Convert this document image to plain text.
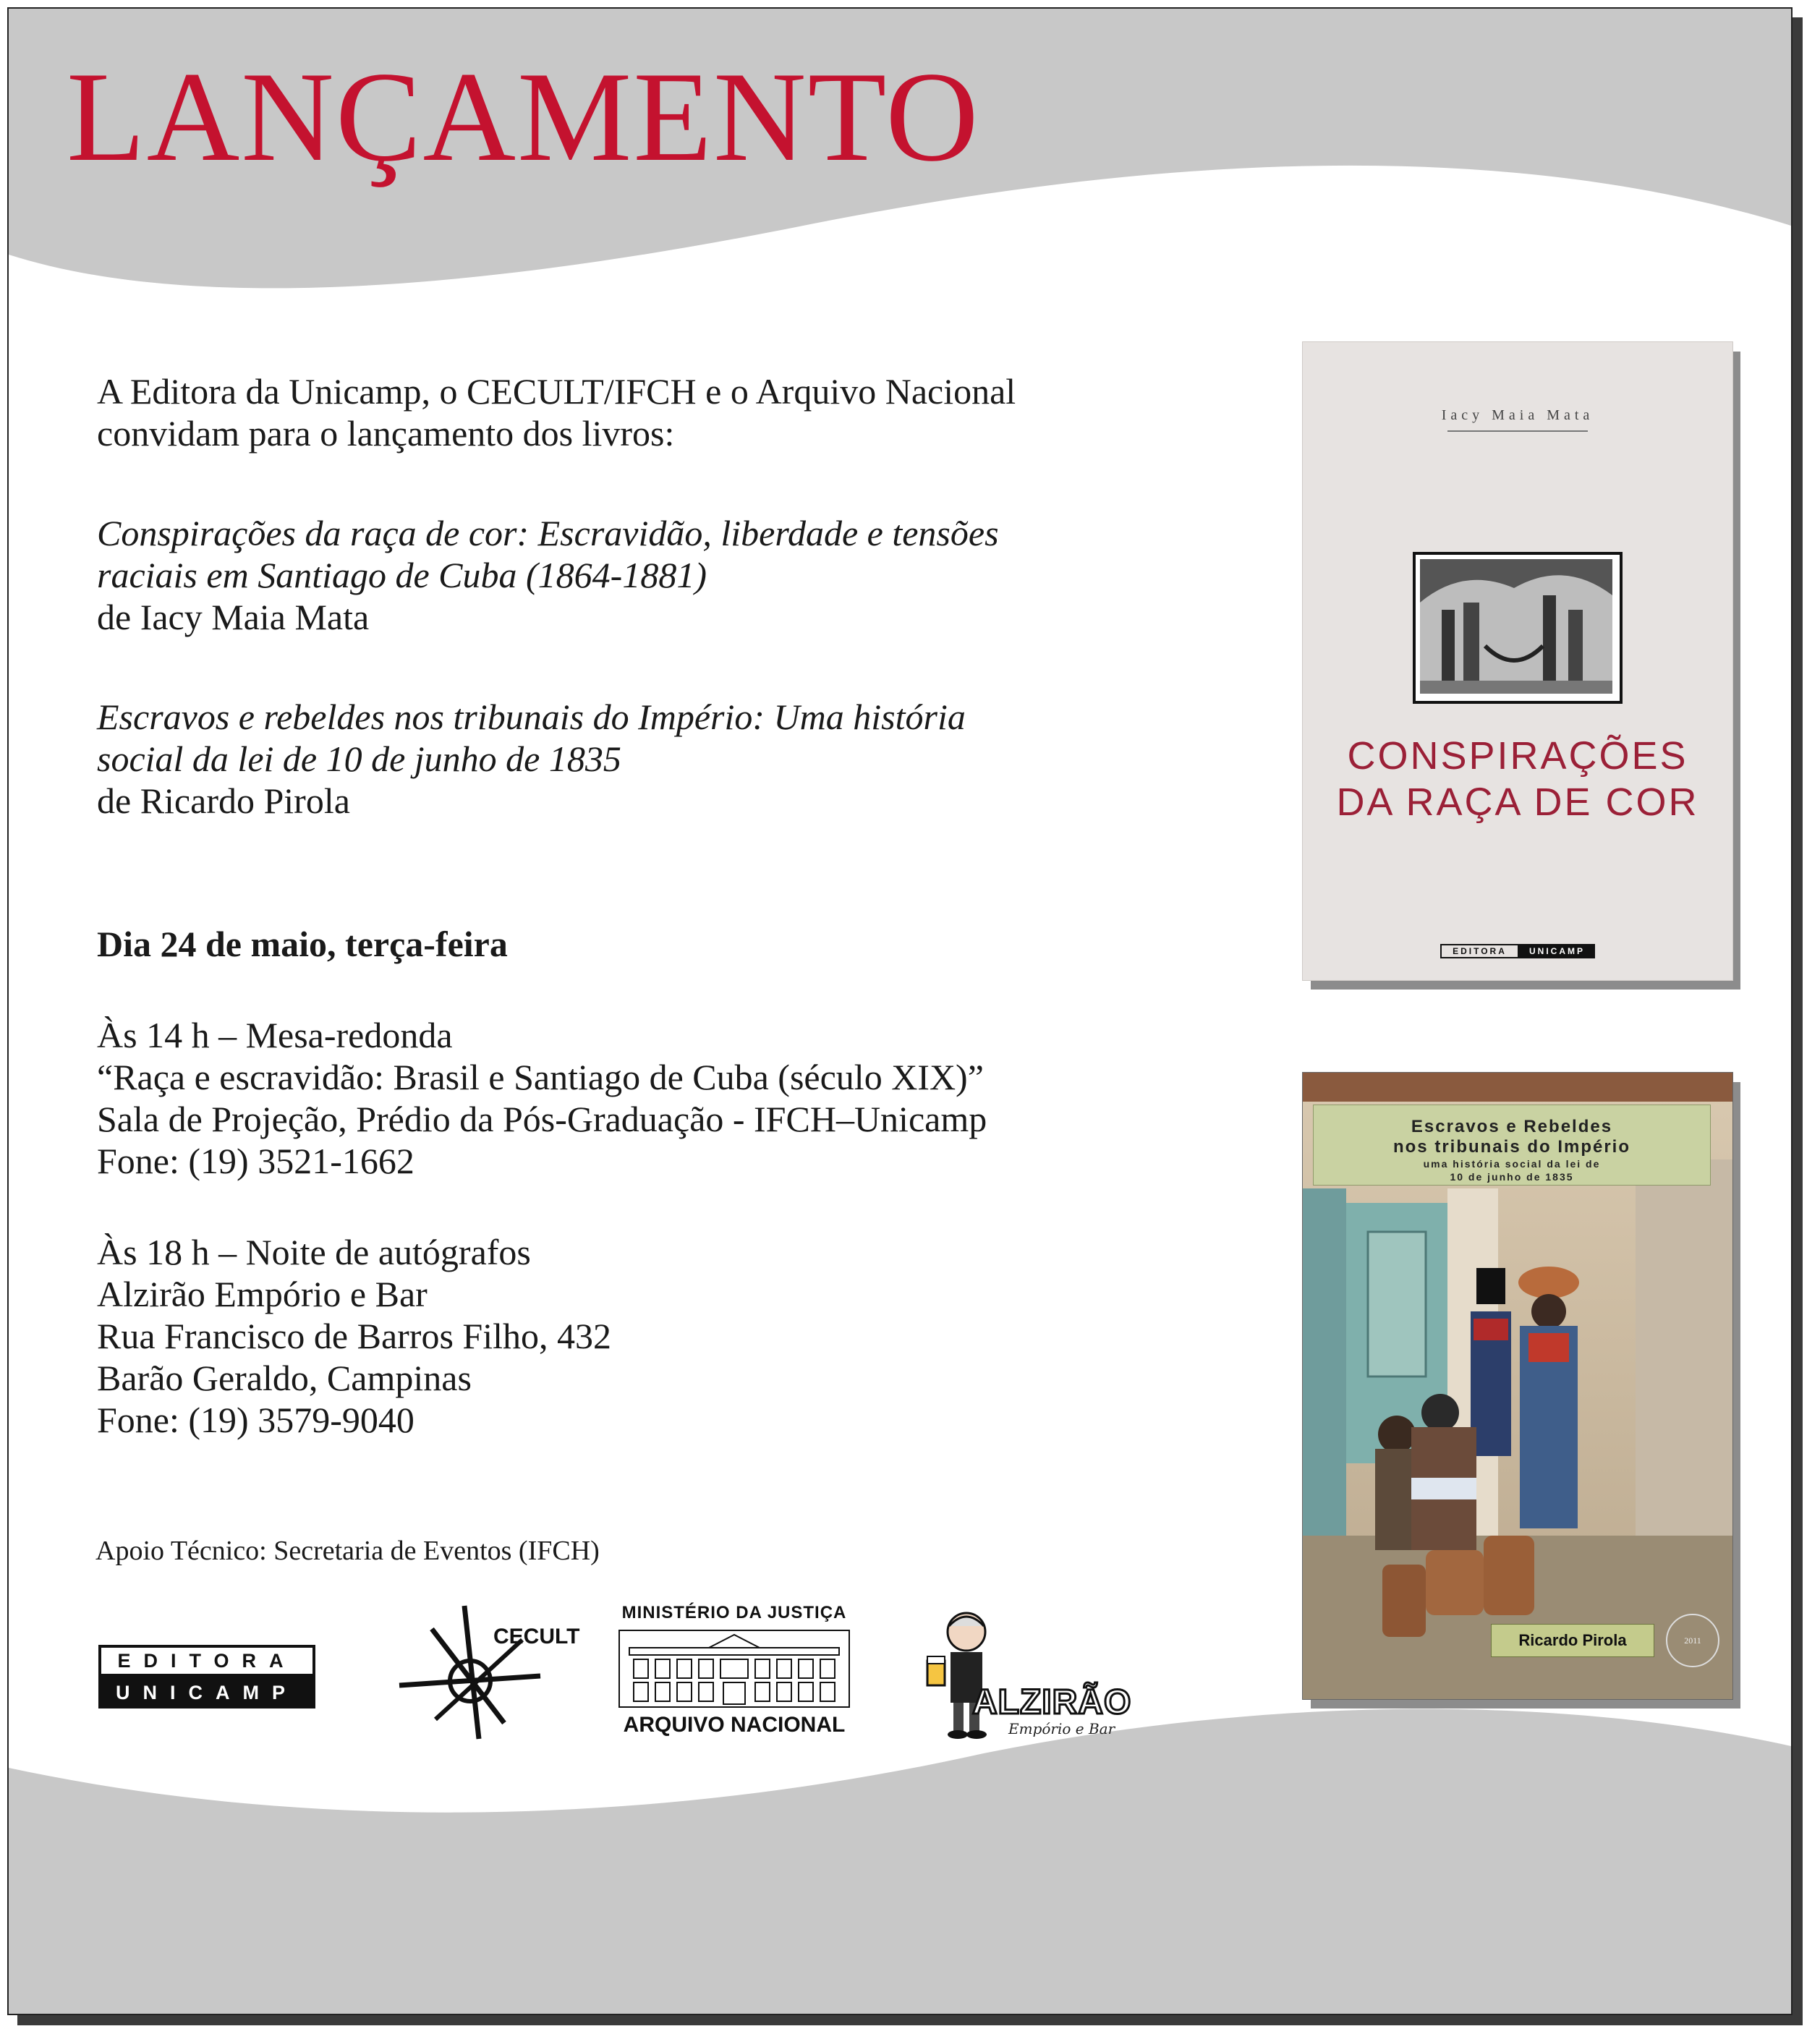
LANÇAMENTO

A Editora da Unicamp, o CECULT/IFCH e o Arquivo Nacional

convidam para o lançamento dos livros:

Conspirações da raça de cor: Escravidão, liberdade e tensões

raciais em Santiago de Cuba (1864-1881)

de Iacy Maia Mata

Escravos e rebeldes nos tribunais do Império: Uma história

social da lei de 10 de junho de 1835

de Ricardo Pirola

Dia 24 de maio, terça-feira

Às 14 h – Mesa-redonda

“Raça e escravidão: Brasil e Santiago de Cuba (século XIX)”

Sala de Projeção, Prédio da Pós-Graduação - IFCH–Unicamp

Fone: (19) 3521-1662

Às 18 h – Noite de autógrafos

Alzirão Empório e Bar

Rua Francisco de Barros Filho, 432

Barão Geraldo, Campinas

Fone: (19) 3579-9040

Apoio Técnico: Secretaria de Eventos (IFCH)
EDITORA
UNICAMP
CECULT
MINISTÉRIO DA JUSTIÇA
ARQUIVO NACIONAL
ALZIRÃO
Empório e Bar
Iacy Maia Mata
CONSPIRAÇÕES
DA RAÇA DE COR
EDITORA	UNICAMP
Escravos e Rebeldes
nos tribunais do Império
uma história social da lei de
10 de junho de 1835
Ricardo Pirola	2011
